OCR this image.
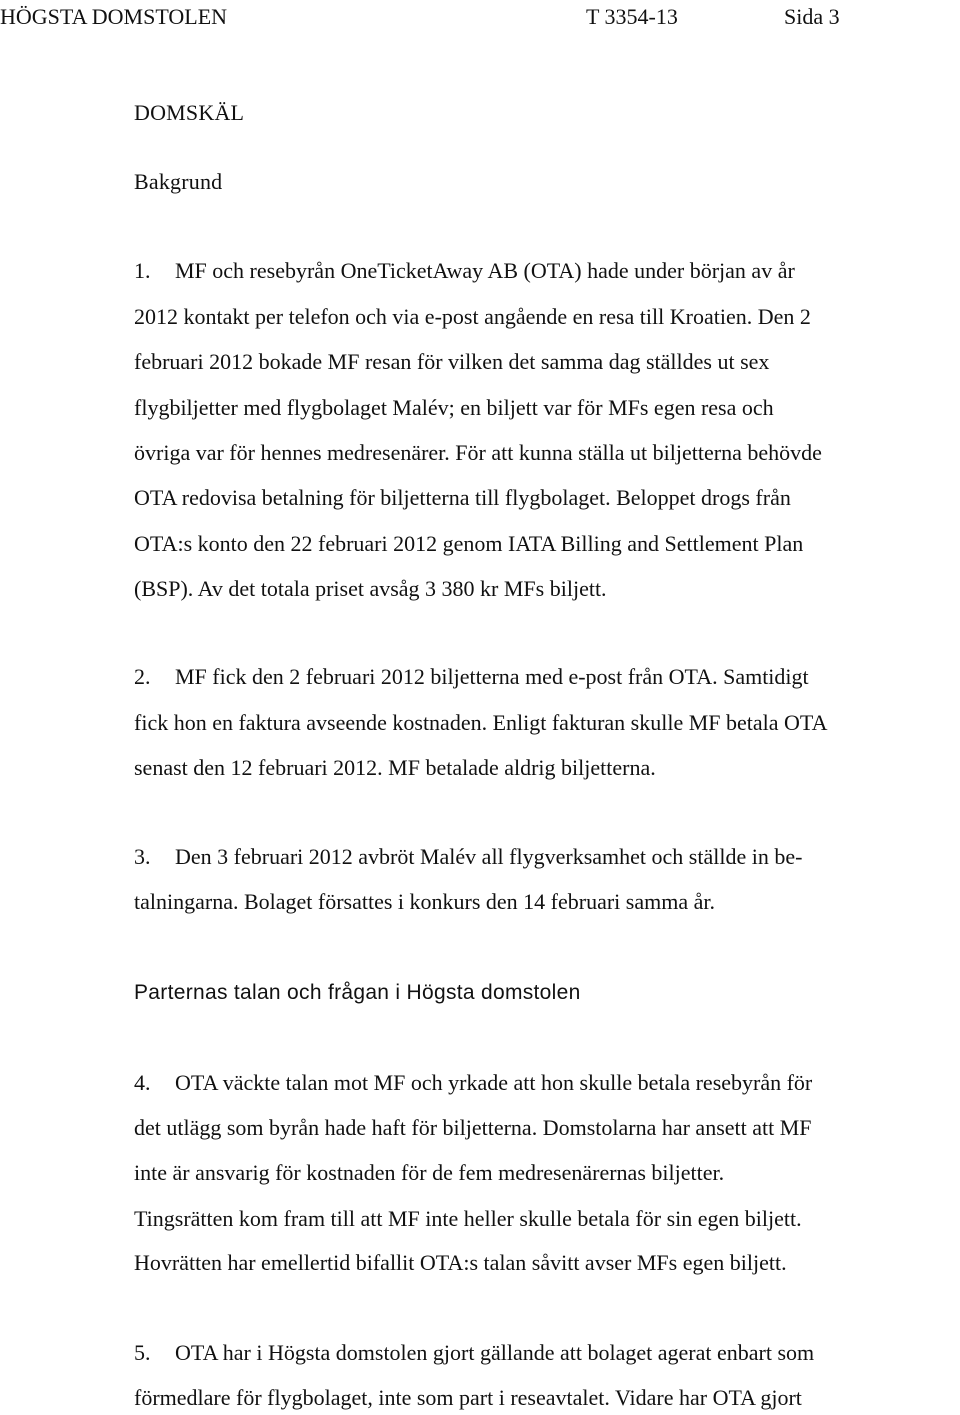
HÖGSTA DOMSTOLEN	T 3354-13	Sida 3
DOMSKÄL
Bakgrund
1. MF och resebyrån OneTicketAway AB (OTA) hade under början av år
2012 kontakt per telefon och via e-post angående en resa till Kroatien. Den 2
februari 2012 bokade MF resan för vilken det samma dag ställdes ut sex
flygbiljetter med flygbolaget Malév; en biljett var för MFs egen resa och
övriga var för hennes medresenärer. För att kunna ställa ut biljetterna behövde
OTA redovisa betalning för biljetterna till flygbolaget. Beloppet drogs från
OTA:s konto den 22 februari 2012 genom IATA Billing and Settlement Plan
(BSP). Av det totala priset avsåg 3 380 kr MFs biljett.
2. MF fick den 2 februari 2012 biljetterna med e-post från OTA. Samtidigt
fick hon en faktura avseende kostnaden. Enligt fakturan skulle MF betala OTA
senast den 12 februari 2012. MF betalade aldrig biljetterna.
3. Den 3 februari 2012 avbröt Malév all flygverksamhet och ställde in be-
talningarna. Bolaget försattes i konkurs den 14 februari samma år.
Parternas talan och frågan i Högsta domstolen
4. OTA väckte talan mot MF och yrkade att hon skulle betala resebyrån för
det utlägg som byrån hade haft för biljetterna. Domstolarna har ansett att MF
inte är ansvarig för kostnaden för de fem medresenärernas biljetter.
Tingsrätten kom fram till att MF inte heller skulle betala för sin egen biljett.
Hovrätten har emellertid bifallit OTA:s talan såvitt avser MFs egen biljett.
5. OTA har i Högsta domstolen gjort gällande att bolaget agerat enbart som
förmedlare för flygbolaget, inte som part i reseavtalet. Vidare har OTA gjort
